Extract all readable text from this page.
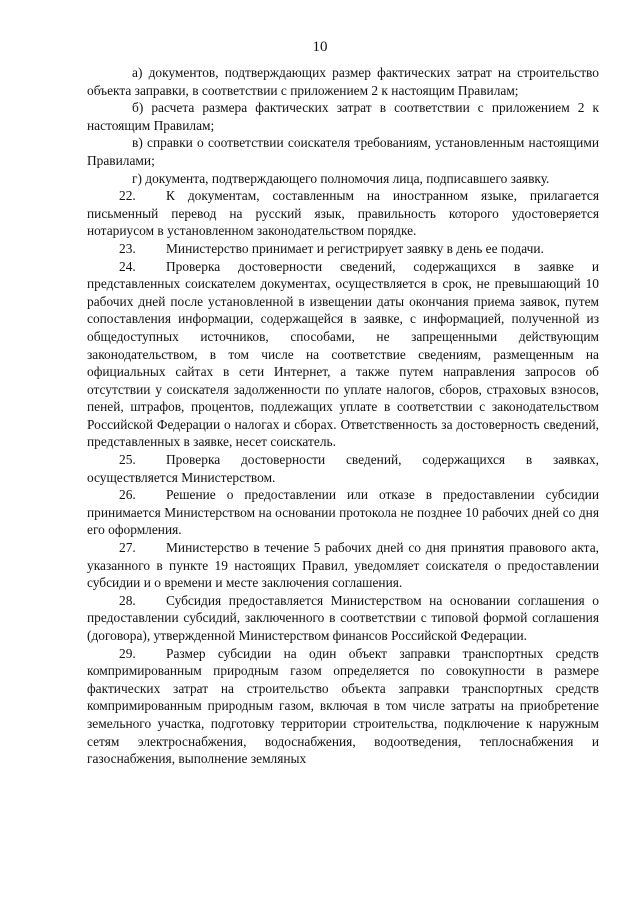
10

а) документов, подтверждающих размер фактических затрат на строительство объекта заправки, в соответствии с приложением 2 к настоящим Правилам;

б) расчета размера фактических затрат в соответствии с приложением 2 к настоящим Правилам;

в) справки о соответствии соискателя требованиям, установленным настоящими Правилами;

г) документа, подтверждающего полномочия лица, подписавшего заявку.

22. К документам, составленным на иностранном языке, прилагается письменный перевод на русский язык, правильность которого удостоверяется нотариусом в установленном законодательством порядке.

23. Министерство принимает и регистрирует заявку в день ее подачи.

24. Проверка достоверности сведений, содержащихся в заявке и представленных соискателем документах, осуществляется в срок, не превышающий 10 рабочих дней после установленной в извещении даты окончания приема заявок, путем сопоставления информации, содержащейся в заявке, с информацией, полученной из общедоступных источников, способами, не запрещенными действующим законодательством, в том числе на соответствие сведениям, размещенным на официальных сайтах в сети Интернет, а также путем направления запросов об отсутствии у соискателя задолженности по уплате налогов, сборов, страховых взносов, пеней, штрафов, процентов, подлежащих уплате в соответствии с законодательством Российской Федерации о налогах и сборах. Ответственность за достоверность сведений, представленных в заявке, несет соискатель.

25. Проверка достоверности сведений, содержащихся в заявках, осуществляется Министерством.

26. Решение о предоставлении или отказе в предоставлении субсидии принимается Министерством на основании протокола не позднее 10 рабочих дней со дня его оформления.

27. Министерство в течение 5 рабочих дней со дня принятия правового акта, указанного в пункте 19 настоящих Правил, уведомляет соискателя о предоставлении субсидии и о времени и месте заключения соглашения.

28. Субсидия предоставляется Министерством на основании соглашения о предоставлении субсидий, заключенного в соответствии с типовой формой соглашения (договора), утвержденной Министерством финансов Российской Федерации.

29. Размер субсидии на один объект заправки транспортных средств компримированным природным газом определяется по совокупности в размере фактических затрат на строительство объекта заправки транспортных средств компримированным природным газом, включая в том числе затраты на приобретение земельного участка, подготовку территории строительства, подключение к наружным сетям электроснабжения, водоснабжения, водоотведения, теплоснабжения и газоснабжения, выполнение земляных
